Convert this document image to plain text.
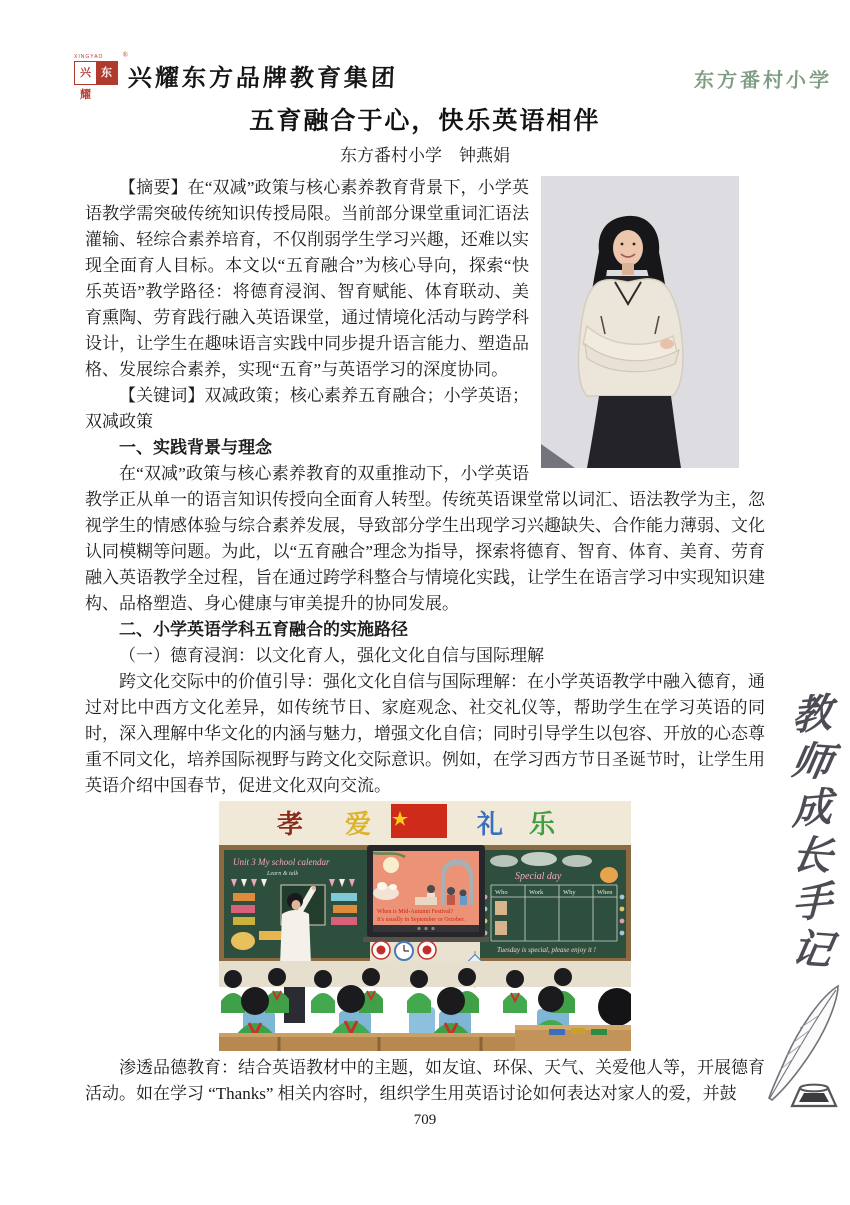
XINGYAO
兴耀
东方
®
兴耀东方品牌教育集团	东方番村小学
五育融合于心，快乐英语相伴
东方番村小学　钟燕娟

【摘要】在“双减”政策与核心素养教育背景下，小学英语教学需突破传统知识传授局限。当前部分课堂重词汇语法灌输、轻综合素养培育，不仅削弱学生学习兴趣，还难以实现全面育人目标。本文以“五育融合”为核心导向，探索“快乐英语”教学路径：将德育浸润、智育赋能、体育联动、美育熏陶、劳育践行融入英语课堂，通过情境化活动与跨学科设计，让学生在趣味语言实践中同步提升语言能力、塑造品格、发展综合素养，实现“五育”与英语学习的深度协同。

【关键词】双减政策；核心素养五育融合；小学英语；双减政策

一、实践背景与理念

在“双减”政策与核心素养教育的双重推动下，小学英语教学正从单一的语言知识传授向全面育人转型。传统英语课堂常以词汇、语法教学为主，忽视学生的情感体验与综合素养发展，导致部分学生出现学习兴趣缺失、合作能力薄弱、文化认同模糊等问题。为此，以“五育融合”理念为指导，探索将德育、智育、体育、美育、劳育融入英语教学全过程，旨在通过跨学科整合与情境化实践，让学生在语言学习中实现知识建构、品格塑造、身心健康与审美提升的协同发展。

二、小学英语学科五育融合的实施路径

（一）德育浸润：以文化育人，强化文化自信与国际理解

跨文化交际中的价值引导：强化文化自信与国际理解：在小学英语教学中融入德育，通过对比中西方文化差异，如传统节日、家庭观念、社交礼仪等，帮助学生在学习英语的同时，深入理解中华文化的内涵与魅力，增强文化自信；同时引导学生以包容、开放的心态尊重不同文化，培养国际视野与跨文化交际意识。例如，在学习西方节日圣诞节时，让学生用英语介绍中国春节，促进文化双向交流。

孝 爱	礼 乐
Unit 3 My school calendar
Learn & talk	Special day
Who	Work	Why	When
Tuesday is special, please enjoy it !
When is Mid-Autumn Festival?
It's usually in September or October.

渗透品德教育：结合英语教材中的主题，如友谊、环保、天气、关爱他人等，开展德育活动。如在学习 “Thanks” 相关内容时，组织学生用英语讨论如何表达对家人的爱，并鼓

709

教
师
成
长
手
记
